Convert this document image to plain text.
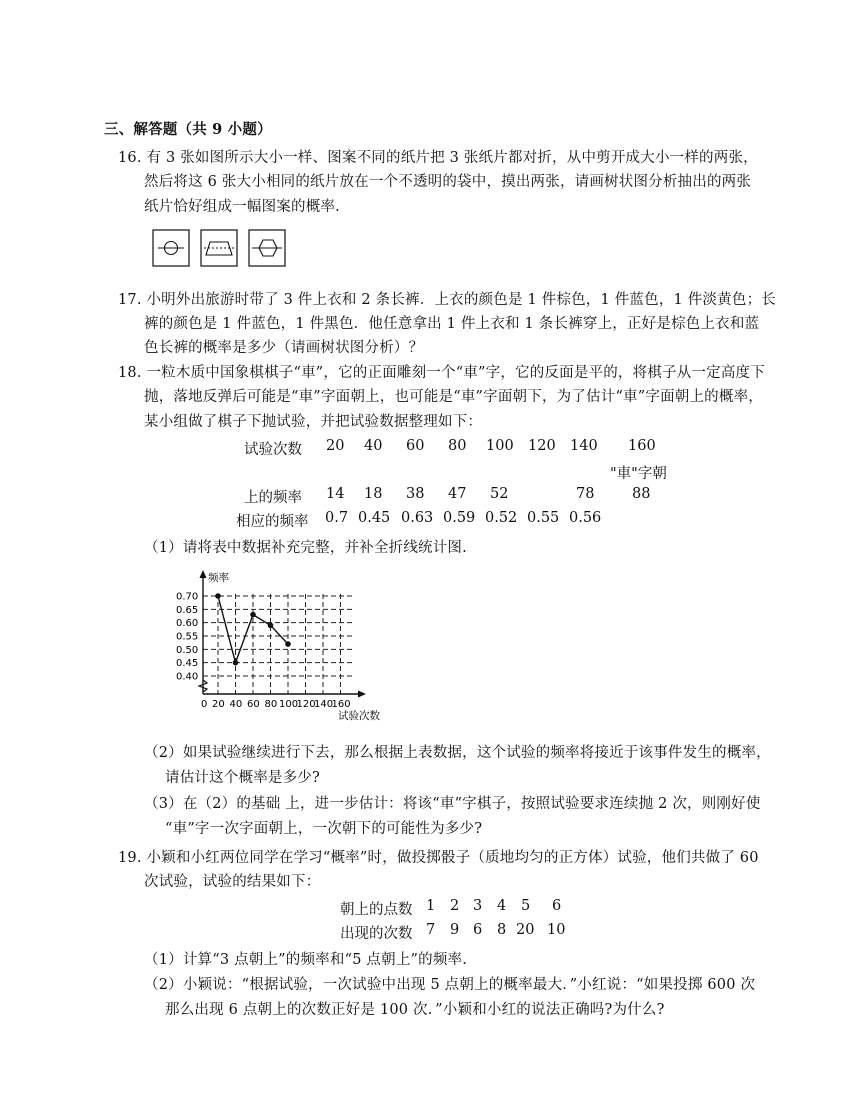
三、解答题（共 9 小题）
16. 有 3 张如图所示大小一样、图案不同的纸片把 3 张纸片都对折，从中剪开成大小一样的两张，
然后将这 6 张大小相同的纸片放在一个不透明的袋中，摸出两张，请画树状图分析抽出的两张
纸片恰好组成一幅图案的概率.
17. 小明外出旅游时带了 3 件上衣和 2 条长裤．上衣的颜色是 1 件棕色，1 件蓝色，1 件淡黄色；长
裤的颜色是 1 件蓝色，1 件黑色．他任意拿出 1 件上衣和 1 条长裤穿上，正好是棕色上衣和蓝
色长裤的概率是多少（请画树状图分析）？
18. 一粒木质中国象棋棋子“車”，它的正面雕刻一个“車”字，它的反面是平的，将棋子从一定高度下
抛，落地反弹后可能是“車”字面朝上，也可能是“車”字面朝下，为了估计“車”字面朝上的概率，
某小组做了棋子下抛试验，并把试验数据整理如下：
试验次数 20 40 60 80 100 120 140 160
"車"字朝
上的频率 14 18 38 47 52	78	88
相应的频率 0.7 0.45 0.63 0.59 0.52 0.55 0.56
（1）请将表中数据补充完整，并补全折线统计图.
0.70
0.65
0.60
0.55
0.50
0.45
0.40
20 40 60 80 100
120
140
160
频率
试验次数
0
（2）如果试验继续进行下去，那么根据上表数据，这个试验的频率将接近于该事件发生的概率，
请估计这个概率是多少?
（3）在（2）的基础 上，进一步估计：将该“車”字棋子，按照试验要求连续抛 2 次，则刚好使
“車”字一次字面朝上，一次朝下的可能性为多少?
19. 小颖和小红两位同学在学习“概率”时，做投掷骰子（质地均匀的正方体）试验，他们共做了 60
次试验，试验的结果如下：
朝上的点数 1 2 3 4 5 6
出现的次数 7 9 6 8 20 10
（1）计算“3 点朝上”的频率和“5 点朝上”的频率.
（2）小颖说：“根据试验，一次试验中出现 5 点朝上的概率最大．”小红说：“如果投掷 600 次
那么出现 6 点朝上的次数正好是 100 次．”小颖和小红的说法正确吗?为什么?
